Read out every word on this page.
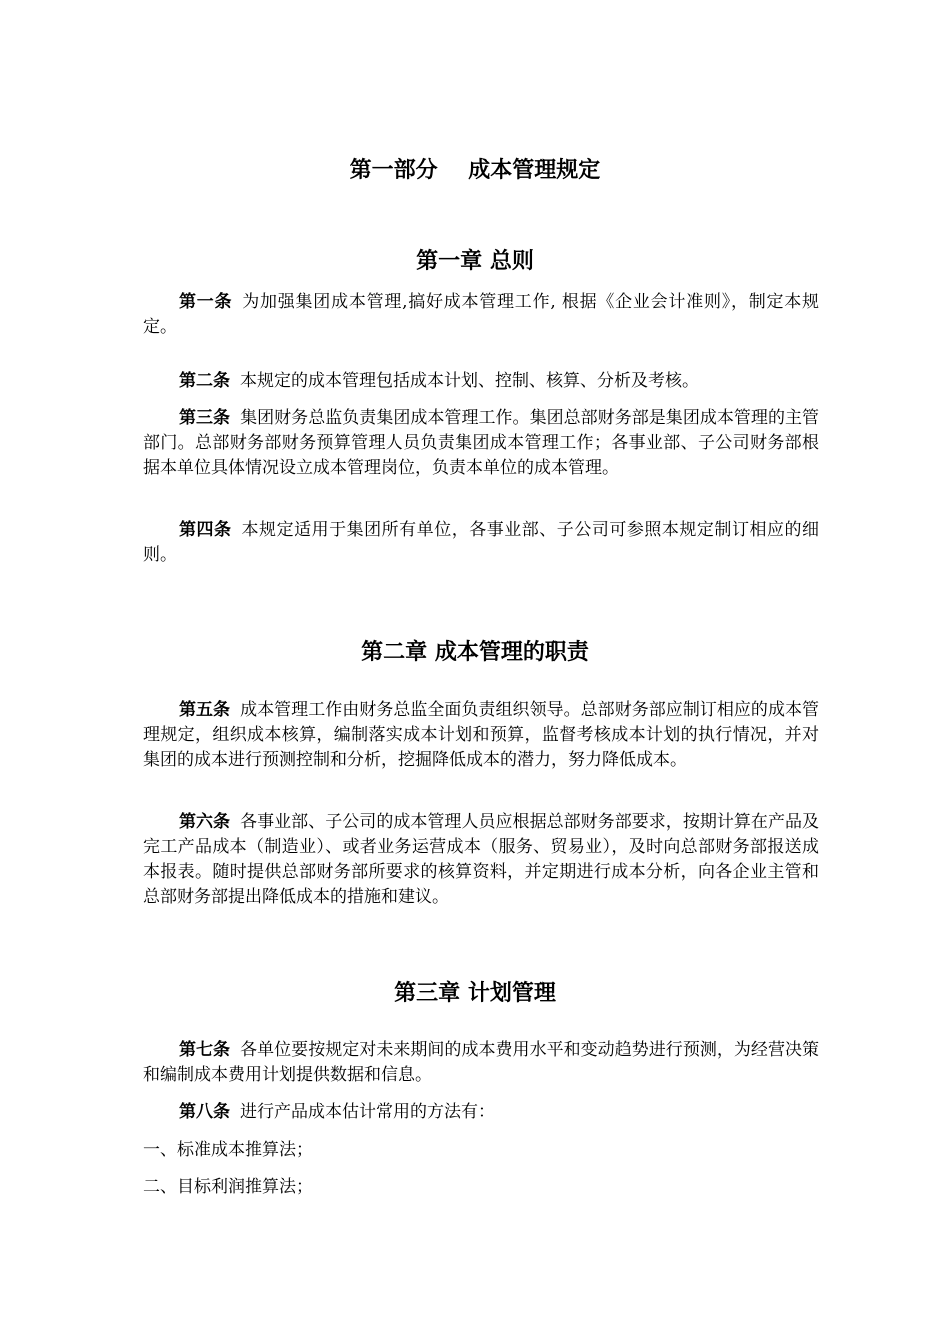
第一部分    成本管理规定
第一章 总则

第一条 为加强集团成本管理,搞好成本管理工作, 根据《企业会计准则》，制定本规定。

第二条 本规定的成本管理包括成本计划、控制、核算、分析及考核。

第三条 集团财务总监负责集团成本管理工作。集团总部财务部是集团成本管理的主管部门。总部财务部财务预算管理人员负责集团成本管理工作；各事业部、子公司财务部根据本单位具体情况设立成本管理岗位，负责本单位的成本管理。

第四条 本规定适用于集团所有单位，各事业部、子公司可参照本规定制订相应的细则。

第二章 成本管理的职责

第五条 成本管理工作由财务总监全面负责组织领导。总部财务部应制订相应的成本管理规定，组织成本核算，编制落实成本计划和预算，监督考核成本计划的执行情况，并对集团的成本进行预测控制和分析，挖掘降低成本的潜力，努力降低成本。

第六条 各事业部、子公司的成本管理人员应根据总部财务部要求，按期计算在产品及完工产品成本（制造业）、或者业务运营成本（服务、贸易业），及时向总部财务部报送成本报表。随时提供总部财务部所要求的核算资料，并定期进行成本分析，向各企业主管和总部财务部提出降低成本的措施和建议。

第三章 计划管理

第七条 各单位要按规定对未来期间的成本费用水平和变动趋势进行预测，为经营决策和编制成本费用计划提供数据和信息。

第八条 进行产品成本估计常用的方法有：

一、标准成本推算法；
二、目标利润推算法；
